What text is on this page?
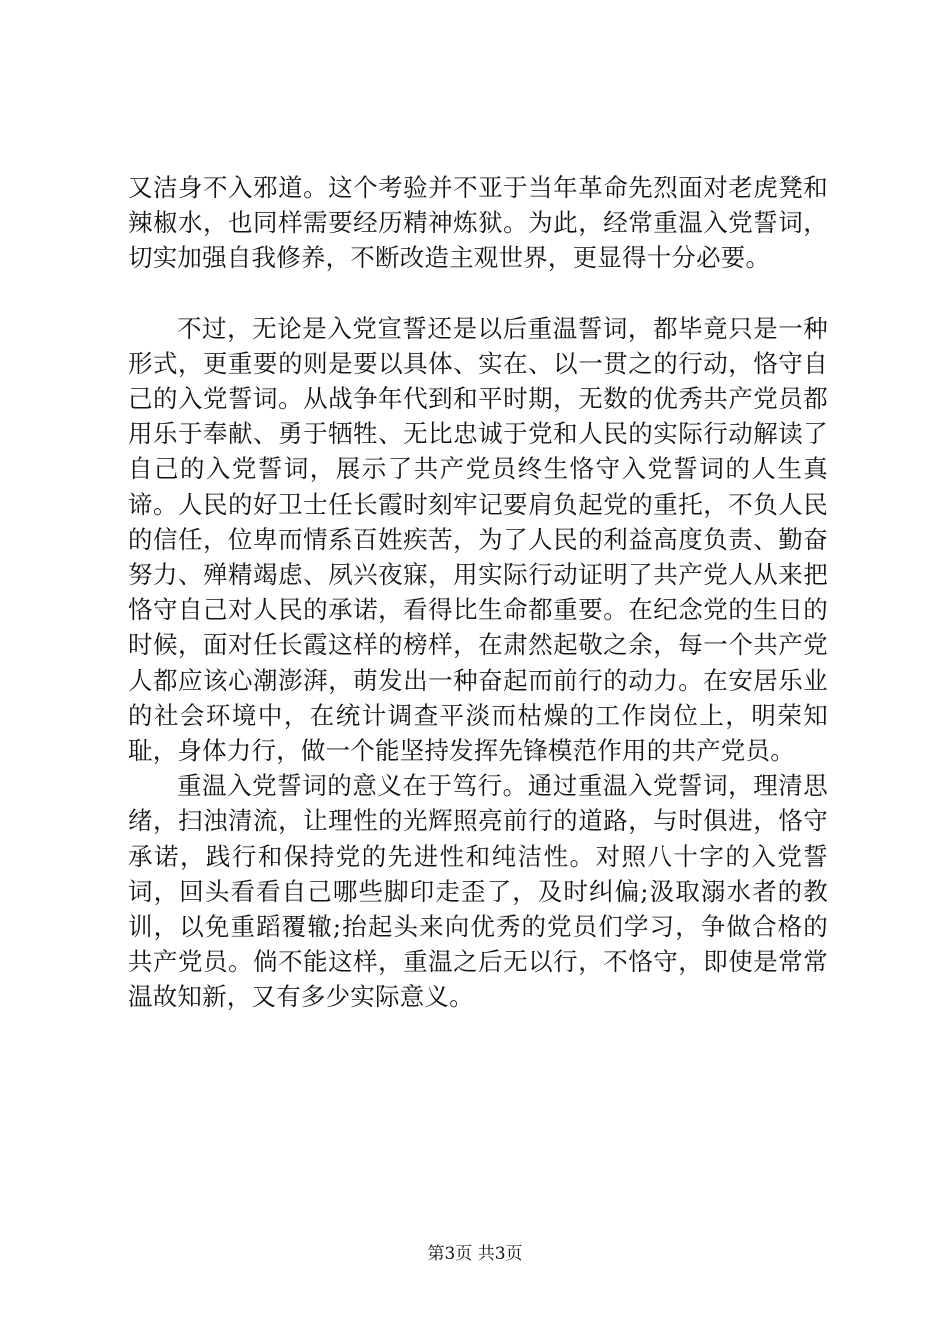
又洁身不入邪道。这个考验并不亚于当年革命先烈面对老虎凳和辣椒水，也同样需要经历精神炼狱。为此，经常重温入党誓词，切实加强自我修养，不断改造主观世界，更显得十分必要。

不过，无论是入党宣誓还是以后重温誓词，都毕竟只是一种形式，更重要的则是要以具体、实在、以一贯之的行动，恪守自己的入党誓词。从战争年代到和平时期，无数的优秀共产党员都用乐于奉献、勇于牺牲、无比忠诚于党和人民的实际行动解读了自己的入党誓词，展示了共产党员终生恪守入党誓词的人生真谛。人民的好卫士任长霞时刻牢记要肩负起党的重托，不负人民的信任，位卑而情系百姓疾苦，为了人民的利益高度负责、勤奋努力、殚精竭虑、夙兴夜寐，用实际行动证明了共产党人从来把恪守自己对人民的承诺，看得比生命都重要。在纪念党的生日的时候，面对任长霞这样的榜样，在肃然起敬之余，每一个共产党人都应该心潮澎湃，萌发出一种奋起而前行的动力。在安居乐业的社会环境中，在统计调查平淡而枯燥的工作岗位上，明荣知耻，身体力行，做一个能坚持发挥先锋模范作用的共产党员。

重温入党誓词的意义在于笃行。通过重温入党誓词，理清思绪，扫浊清流，让理性的光辉照亮前行的道路，与时俱进，恪守承诺，践行和保持党的先进性和纯洁性。对照八十字的入党誓词，回头看看自己哪些脚印走歪了，及时纠偏;汲取溺水者的教训，以免重蹈覆辙;抬起头来向优秀的党员们学习，争做合格的共产党员。倘不能这样，重温之后无以行，不恪守，即使是常常温故知新，又有多少实际意义。

第3页 共3页
